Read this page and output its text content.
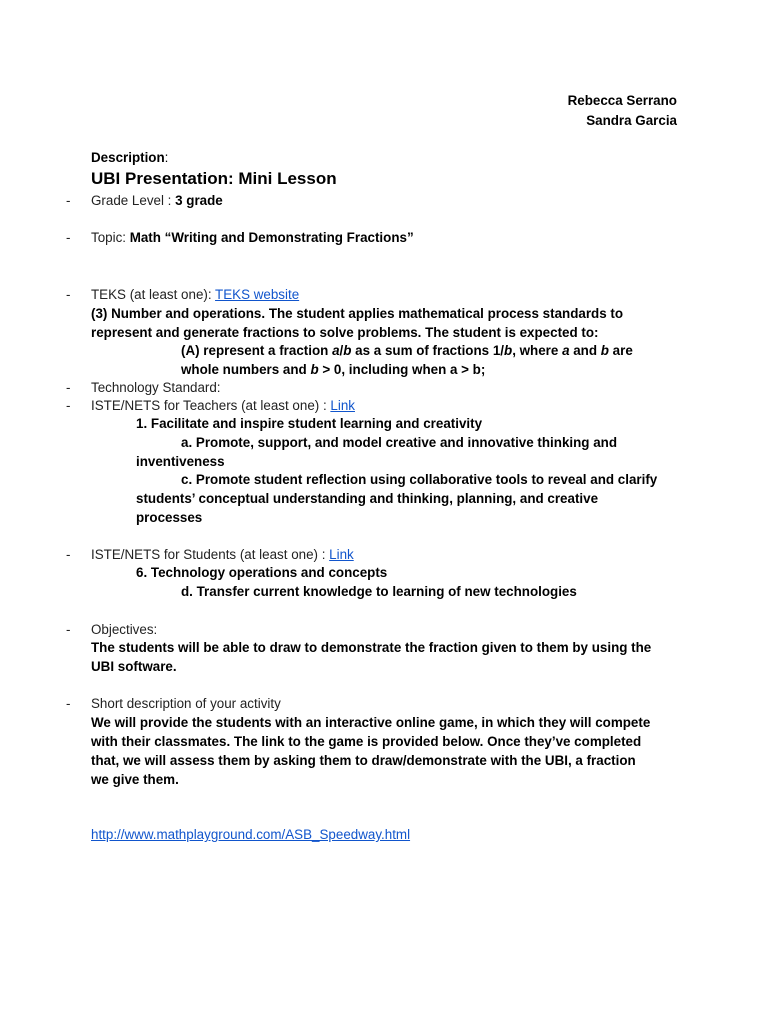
Rebecca Serrano
Sandra Garcia
Description:
UBI Presentation: Mini Lesson
- Grade Level : 3 grade
- Topic: Math “Writing and Demonstrating Fractions”
- TEKS (at least one): TEKS website
(3) Number and operations. The student applies mathematical process standards to
represent and generate fractions to solve problems. The student is expected to:
(A) represent a fraction a/b as a sum of fractions 1/b, where a and b are
whole numbers and b > 0, including when a > b;
- Technology Standard:
- ISTE/NETS for Teachers (at least one) : Link
1. Facilitate and inspire student learning and creativity
a. Promote, support, and model creative and innovative thinking and
inventiveness
c. Promote student reflection using collaborative tools to reveal and clarify
students’ conceptual understanding and thinking, planning, and creative
processes
- ISTE/NETS for Students (at least one) : Link
6. Technology operations and concepts
d. Transfer current knowledge to learning of new technologies
- Objectives:
The students will be able to draw to demonstrate the fraction given to them by using the
UBI software.
- Short description of your activity
We will provide the students with an interactive online game, in which they will compete
with their classmates. The link to the game is provided below. Once they’ve completed
that, we will assess them by asking them to draw/demonstrate with the UBI, a fraction
we give them.
http://www.mathplayground.com/ASB_Speedway.html
